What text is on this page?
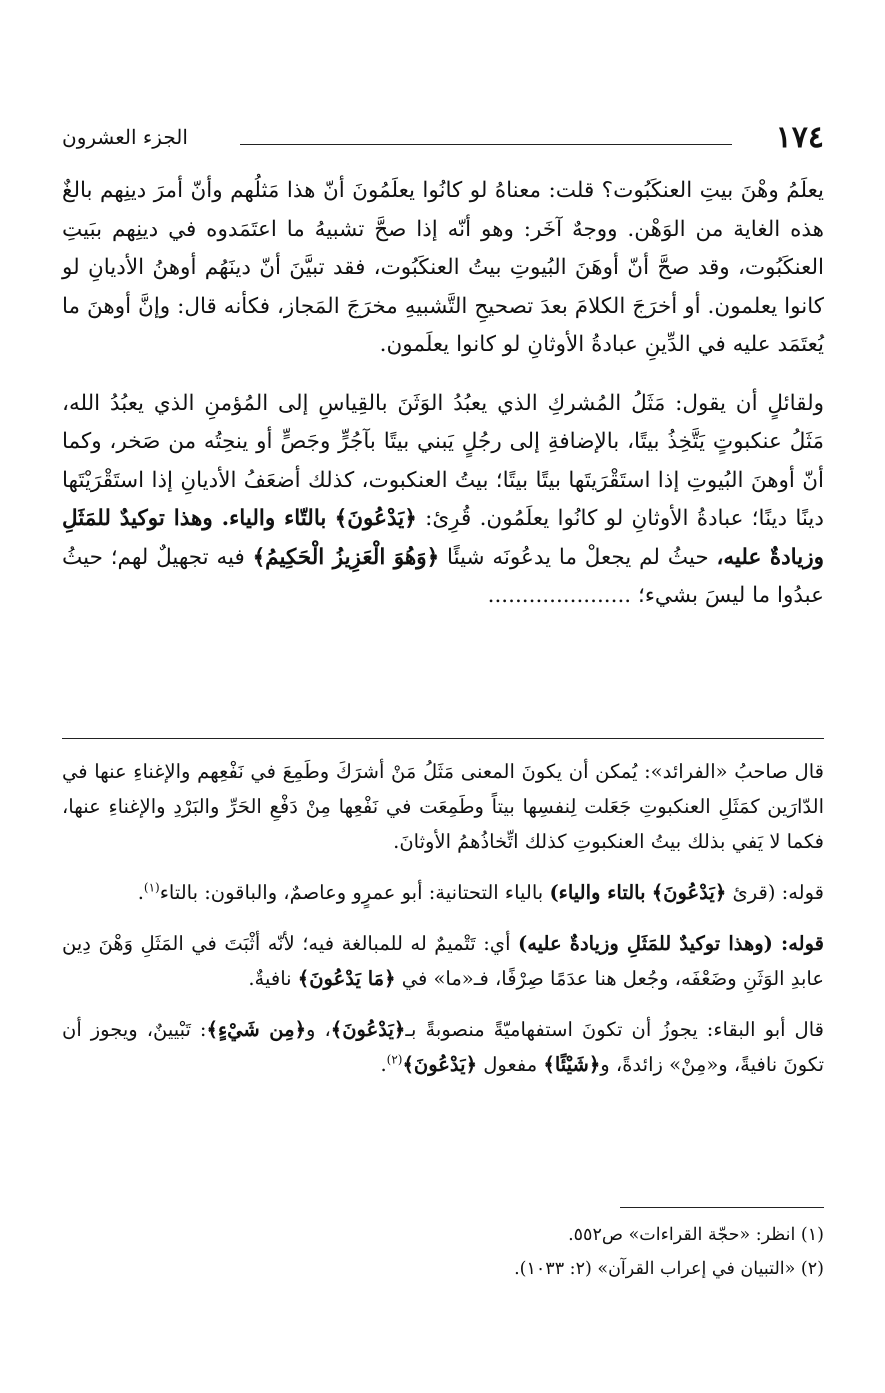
١٧٤
الجزء العشرون

يعلَمُ وهْنَ بيتِ العنكَبُوت؟ قلت: معناهُ لو كانُوا يعلَمُونَ أنّ هذا مَثلُهم وأنّ أمرَ دينِهم بالغٌ هذه الغاية من الوَهْن. ووجهٌ آخَر: وهو أنّه إذا صحَّ تشبيهُ ما اعتَمَدوه في دينِهم ببَيتِ العنكَبُوت، وقد صحَّ أنّ أوهَنَ البُيوتِ بيتُ العنكَبُوت، فقد تبيَّنَ أنّ دينَهُم أوهنُ الأديانِ لو كانوا يعلمون. أو أخرَجَ الكلامَ بعدَ تصحيحِ التَّشبيهِ مخرَجَ المَجاز، فكأنه قال: وإنَّ أوهنَ ما يُعتَمَد عليه في الدِّينِ عبادةُ الأوثانِ لو كانوا يعلَمون.

ولقائلٍ أن يقول: مَثَلُ المُشركِ الذي يعبُدُ الوَثَنَ بالقِياسِ إلى المُؤمنِ الذي يعبُدُ الله، مَثَلُ عنكبوتٍ يَتَّخِذُ بيتًا، بالإضافةِ إلى رجُلٍ يَبني بيتًا بآجُرٍّ وجَصٍّ أو ينحِتُه من صَخر، وكما أنّ أوهنَ البُيوتِ إذا استَقْرَيتَها بيتًا بيتًا؛ بيتُ العنكبوت، كذلك أضعَفُ الأديانِ إذا استَقْرَيْتَها دينًا دينًا؛ عبادةُ الأوثانِ لو كانُوا يعلَمُون. قُرِئ: ﴿يَدْعُونَ﴾ بالتّاء والياء. وهذا توكيدٌ للمَثَلِ وزيادةٌ عليه، حيثُ لم يجعلْ ما يدعُونَه شيئًا ﴿وَهُوَ الْعَزِيزُ الْحَكِيمُ﴾ فيه تجهيلٌ لهم؛ حيثُ عبدُوا ما ليسَ بشيء؛ .....................

قال صاحبُ «الفرائد»: يُمكن أن يكونَ المعنى مَثَلُ مَنْ أشرَكَ وطَمِعَ في نَفْعِهم والإغناءِ عنها في الدّارَين كمَثَلِ العنكبوتِ جَعَلت لِنفسِها بيتاً وطَمِعَت في نَفْعِها مِنْ دَفْعِ الحَرِّ والبَرْدِ والإغناءِ عنها، فكما لا يَفي بذلك بيتُ العنكبوتِ كذلك اتِّخاذُهمُ الأوثانَ.

قوله: (قرئ ﴿يَدْعُونَ﴾ بالتاء والياء) بالياء التحتانية: أبو عمرٍو وعاصمٌ، والباقون: بالتاء$^{(١)}$.

قوله: (وهذا توكيدٌ للمَثَلِ وزيادةٌ عليه) أي: تَتْميمٌ له للمبالغة فيه؛ لأنّه أثْبَتَ في المَثَلِ وَهْنَ دِين عابدِ الوَثَنِ وضَعْفَه، وجُعل هنا عدَمًا صِرْفًا، فـ«ما» في ﴿مَا يَدْعُونَ﴾ نافيةٌ.

قال أبو البقاء: يجوزُ أن تكونَ استفهاميّةً منصوبةً بـ﴿يَدْعُونَ﴾، و﴿مِن شَيْءٍ﴾: تَبْيينٌ، ويجوز أن تكونَ نافيةً، و«مِنْ» زائدةً، و﴿شَيْئًا﴾ مفعول ﴿يَدْعُونَ﴾$^{(٢)}$.

(١) انظر: «حجّة القراءات» ص٥٥٢.

(٢) «التبيان في إعراب القرآن» (٢: ١٠٣٣).
